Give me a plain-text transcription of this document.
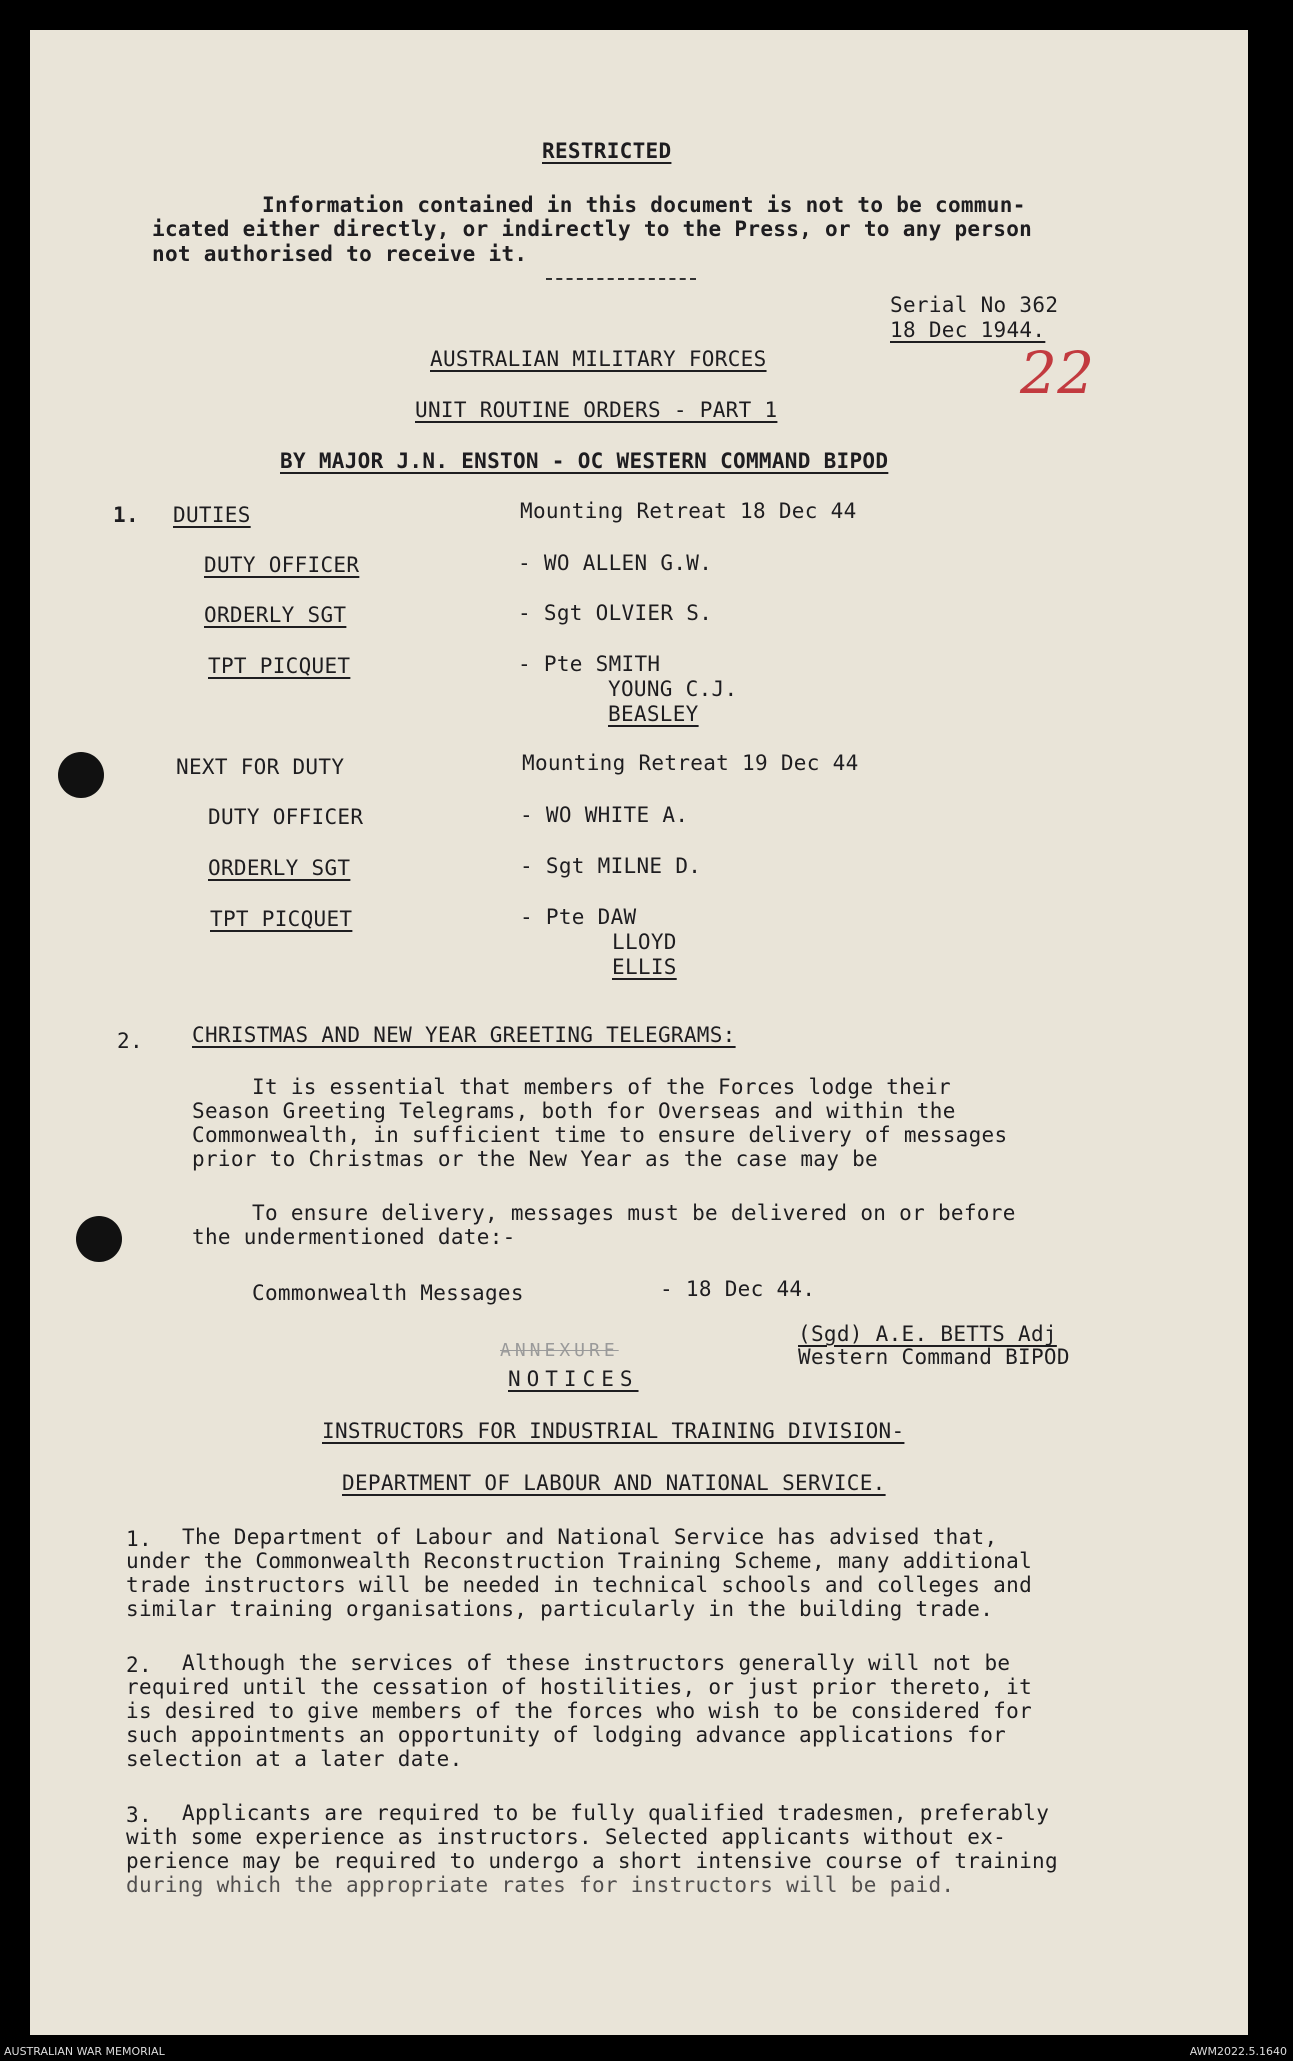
RESTRICTED
Information contained in this document is not to be commun-
icated either directly, or indirectly to the Press, or to any person
not authorised to receive it.
Serial No 362
18 Dec 1944.
22
AUSTRALIAN MILITARY FORCES
UNIT ROUTINE ORDERS - PART 1
BY MAJOR J.N. ENSTON - OC WESTERN COMMAND BIPOD
1. DUTIES	Mounting Retreat 18 Dec 44
DUTY OFFICER	- WO ALLEN G.W.
ORDERLY SGT	- Sgt OLVIER S.
TPT PICQUET	- Pte SMITH
YOUNG C.J.
BEASLEY
NEXT FOR DUTY	Mounting Retreat 19 Dec 44
DUTY OFFICER	- WO WHITE A.
ORDERLY SGT	- Sgt MILNE D.
TPT PICQUET	- Pte DAW
LLOYD
ELLIS
2. CHRISTMAS AND NEW YEAR GREETING TELEGRAMS:
It is essential that members of the Forces lodge their
Season Greeting Telegrams, both for Overseas and within the
Commonwealth, in sufficient time to ensure delivery of messages
prior to Christmas or the New Year as the case may be
To ensure delivery, messages must be delivered on or before
the undermentioned date:-
Commonwealth Messages	- 18 Dec 44.
(Sgd) A.E. BETTS Adj
Western Command BIPOD
ANNEXURE
NOTICES
INSTRUCTORS FOR INDUSTRIAL TRAINING DIVISION-
DEPARTMENT OF LABOUR AND NATIONAL SERVICE.
1. The Department of Labour and National Service has advised that,
under the Commonwealth Reconstruction Training Scheme, many additional
trade instructors will be needed in technical schools and colleges and
similar training organisations, particularly in the building trade.
2. Although the services of these instructors generally will not be
required until the cessation of hostilities, or just prior thereto, it
is desired to give members of the forces who wish to be considered for
such appointments an opportunity of lodging advance applications for
selection at a later date.
3. Applicants are required to be fully qualified tradesmen, preferably
with some experience as instructors. Selected applicants without ex-
perience may be required to undergo a short intensive course of training
during which the appropriate rates for instructors will be paid.
AUSTRALIAN WAR MEMORIAL	AWM2022.5.1640
